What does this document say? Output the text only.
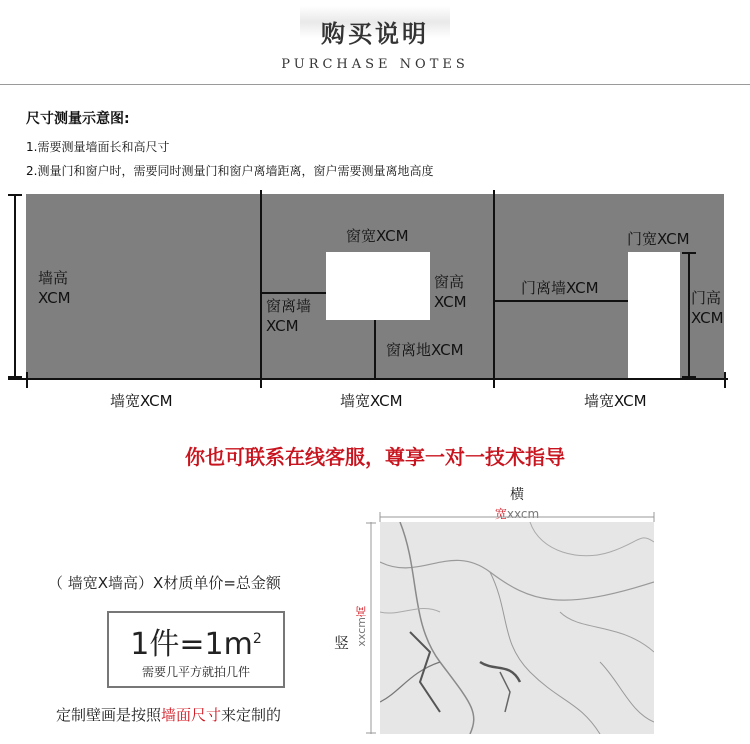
购买说明
PURCHASE NOTES
尺寸测量示意图:
1.需要测量墙面长和高尺寸
2.测量门和窗户时，需要同时测量门和窗户离墙距离，窗户需要测量离地高度
墙高
XCM
窗宽XCM
窗高
XCM
窗离墙
XCM
窗离地XCM
门离墙XCM
门宽XCM
门高
XCM
墙宽XCM	墙宽XCM	墙宽XCM
你也可联系在线客服，尊享一对一技术指导
（ 墙宽X墙高）X材质单价=总金额
1件$=1m^2$
需要几平方就拍几件
定制壁画是按照墙面尺寸来定制的
横
宽xxcm
竖 xxcm高
